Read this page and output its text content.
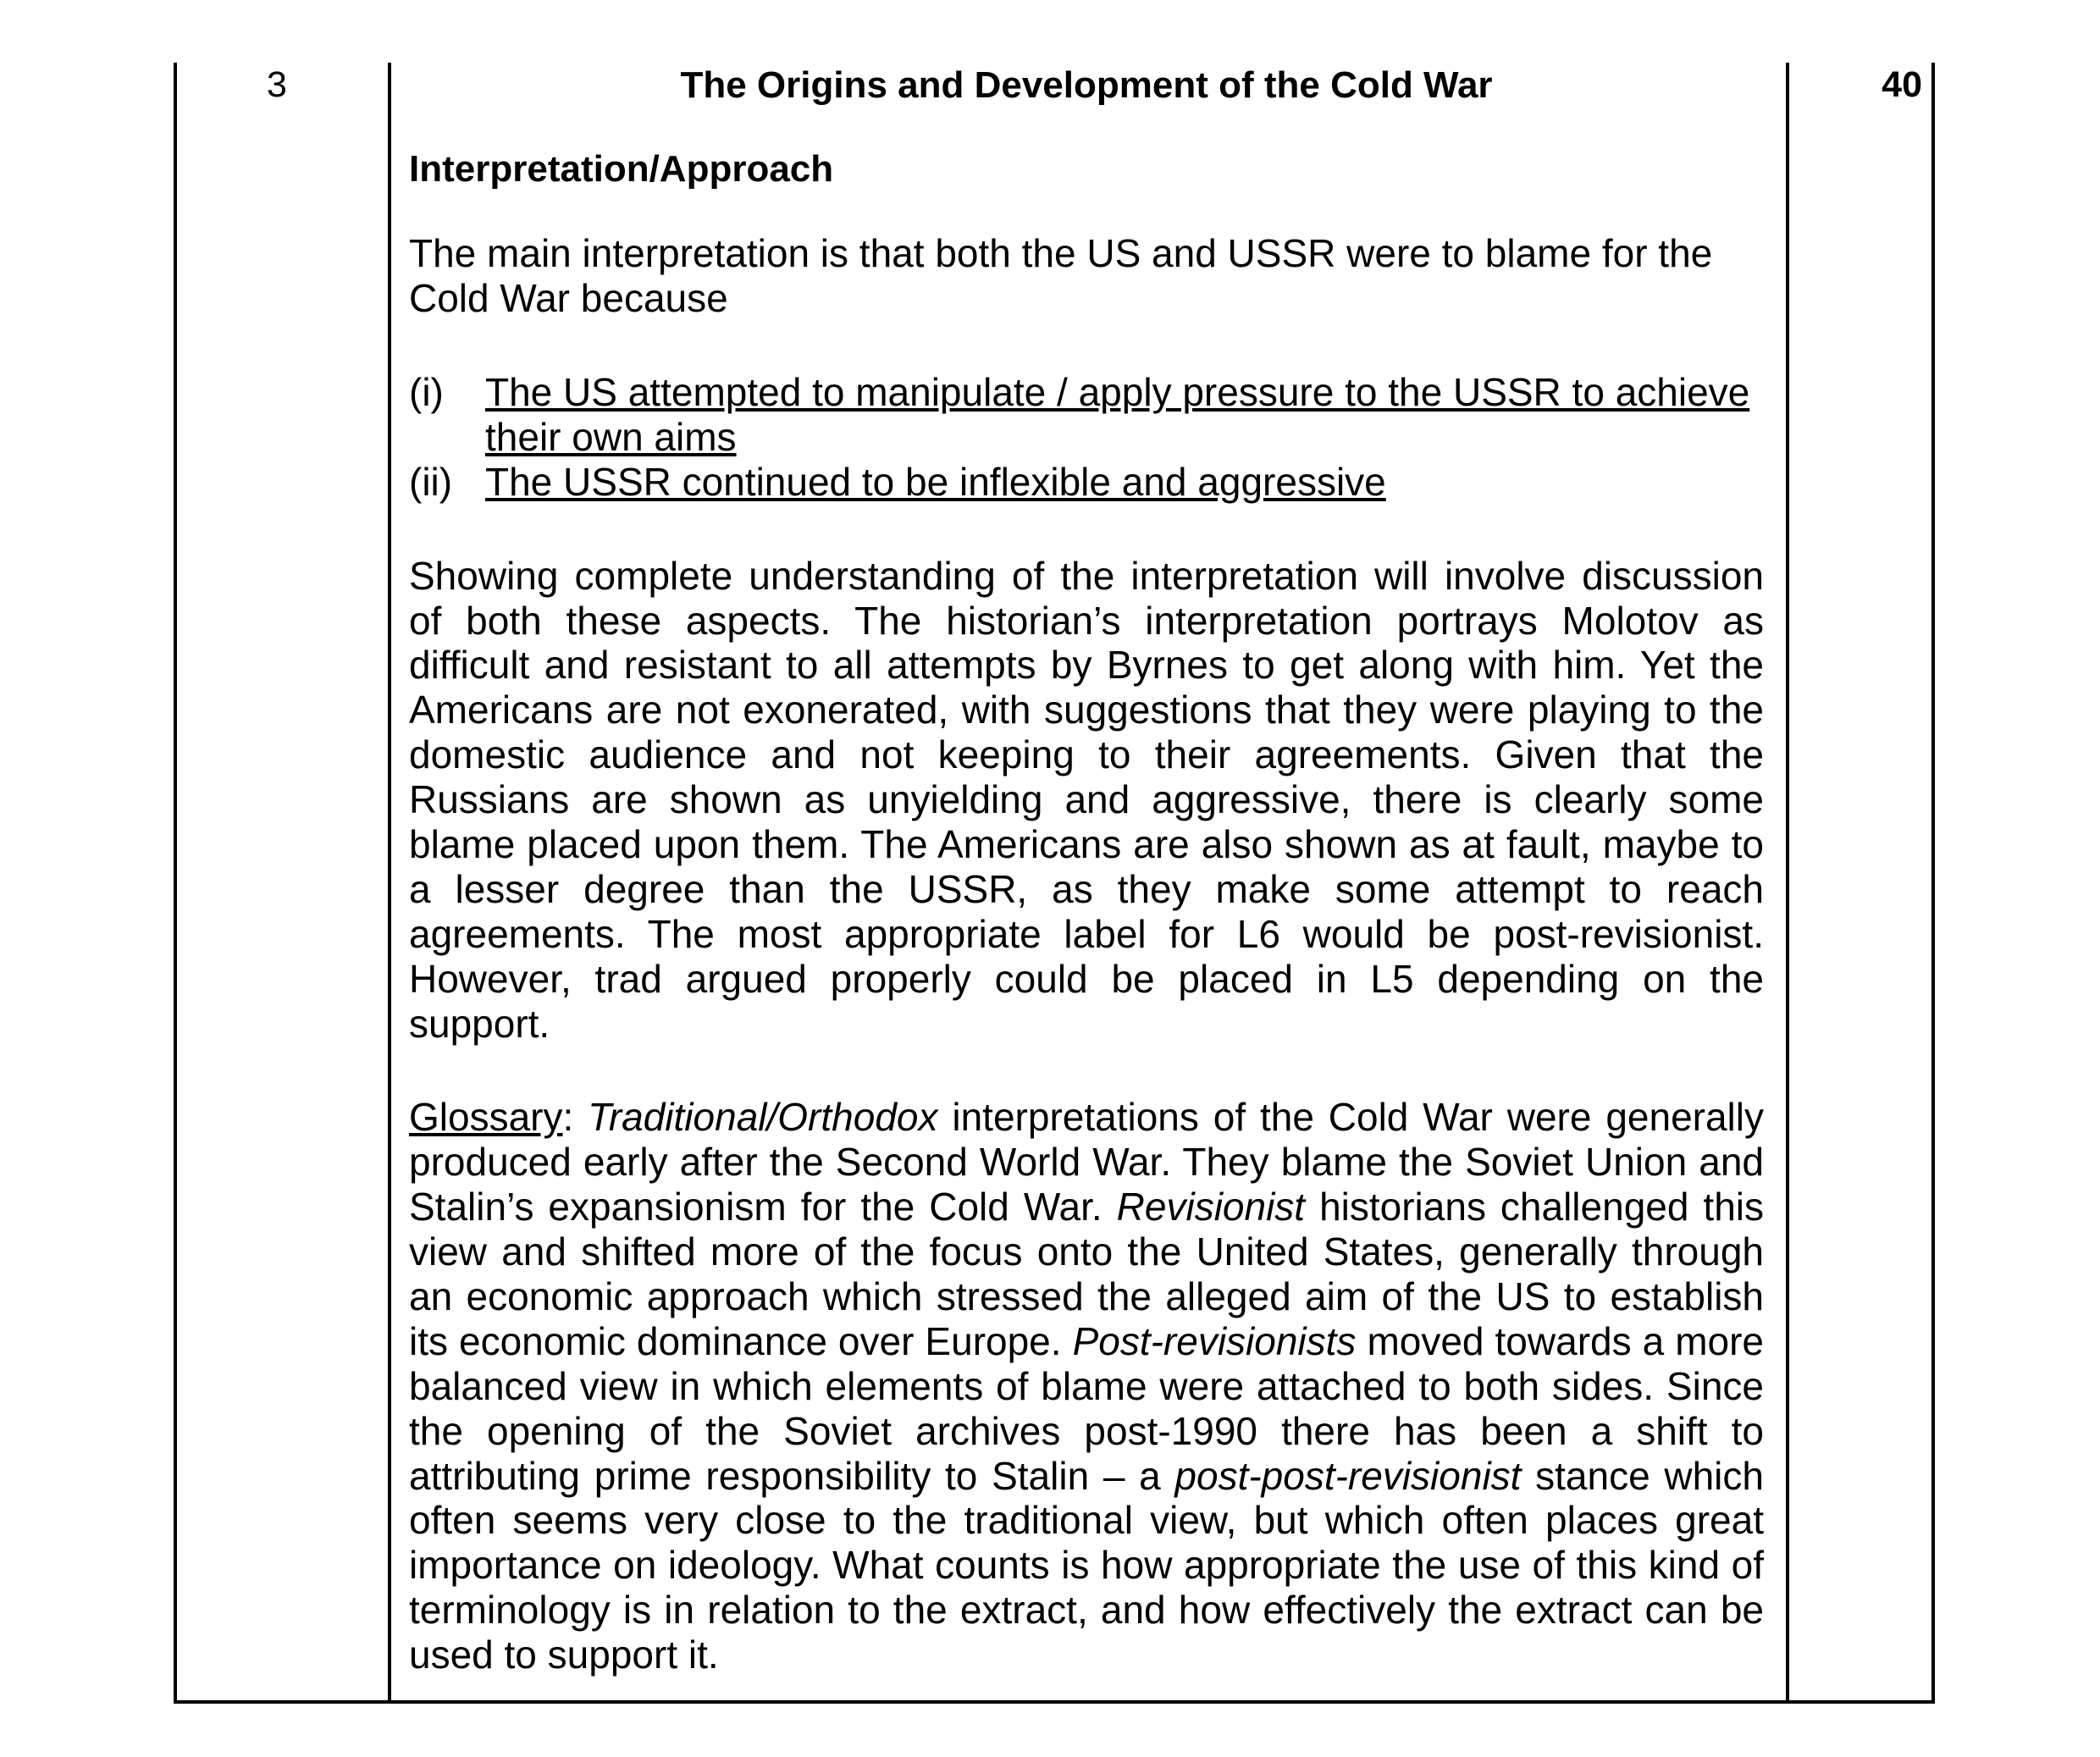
3	40
The Origins and Development of the Cold War
Interpretation/Approach

The main interpretation is that both the US and USSR were to blame for the Cold War because

(i)	The US attempted to manipulate / apply pressure to the USSR to achieve their own aims
(ii) The USSR continued to be inflexible and aggressive

Showing complete understanding of the interpretation will involve discussion of both these aspects. The historian’s interpretation portrays Molotov as difficult and resistant to all attempts by Byrnes to get along with him. Yet the Americans are not exonerated, with suggestions that they were playing to the domestic audience and not keeping to their agreements. Given that the Russians are shown as unyielding and aggressive, there is clearly some blame placed upon them. The Americans are also shown as at fault, maybe to a lesser degree than the USSR, as they make some attempt to reach agreements. The most appropriate label for L6 would be post-revisionist. However, trad argued properly could be placed in L5 depending on the support.

Glossary: Traditional/Orthodox interpretations of the Cold War were generally produced early after the Second World War. They blame the Soviet Union and Stalin’s expansionism for the Cold War. Revisionist historians challenged this view and shifted more of the focus onto the United States, generally through an economic approach which stressed the alleged aim of the US to establish its economic dominance over Europe. Post-revisionists moved towards a more balanced view in which elements of blame were attached to both sides. Since the opening of the Soviet archives post-1990 there has been a shift to attributing prime responsibility to Stalin – a post-post-revisionist stance which often seems very close to the traditional view, but which often places great importance on ideology. What counts is how appropriate the use of this kind of terminology is in relation to the extract, and how effectively the extract can be used to support it.
